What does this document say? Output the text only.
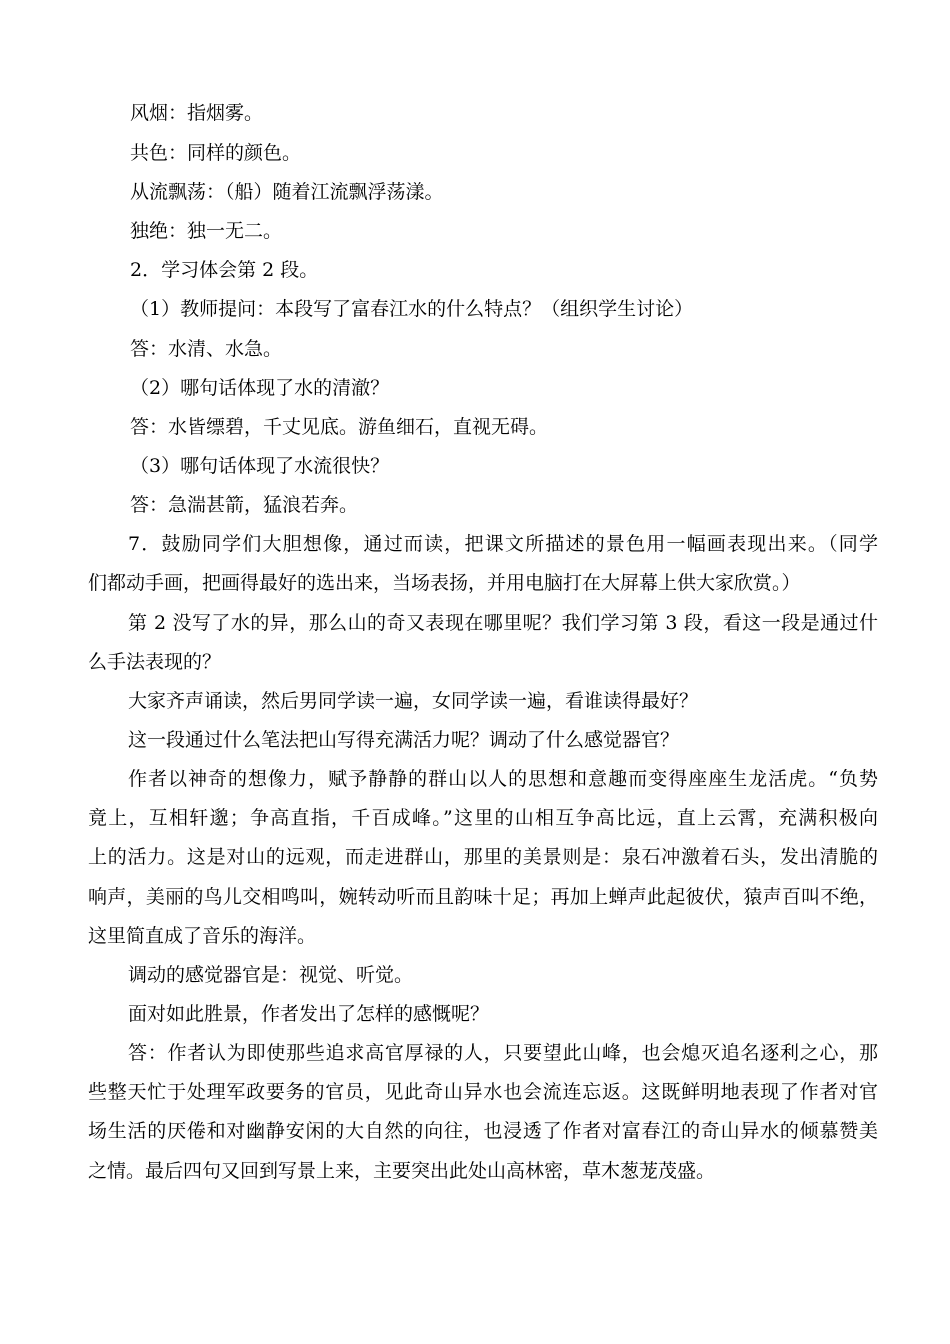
风烟：指烟雾。
共色：同样的颜色。
从流飘荡：（船）随着江流飘浮荡漾。
独绝：独一无二。
2．学习体会第 2 段。
（1）教师提问：本段写了富春江水的什么特点？（组织学生讨论）
答：水清、水急。
（2）哪句话体现了水的清澈？
答：水皆缥碧，千丈见底。游鱼细石，直视无碍。
（3）哪句话体现了水流很快？
答：急湍甚箭，猛浪若奔。
7．鼓励同学们大胆想像，通过而读，把课文所描述的景色用一幅画表现出来。（同学
们都动手画，把画得最好的选出来，当场表扬，并用电脑打在大屏幕上供大家欣赏。）
第 2 没写了水的异，那么山的奇又表现在哪里呢？我们学习第 3 段，看这一段是通过什
么手法表现的？
大家齐声诵读，然后男同学读一遍，女同学读一遍，看谁读得最好？
这一段通过什么笔法把山写得充满活力呢？调动了什么感觉器官？
作者以神奇的想像力，赋予静静的群山以人的思想和意趣而变得座座生龙活虎。“负势
竟上，互相轩邈；争高直指，千百成峰。”这里的山相互争高比远，直上云霄，充满积极向
上的活力。这是对山的远观，而走进群山，那里的美景则是：泉石冲激着石头，发出清脆的
响声，美丽的鸟儿交相鸣叫，婉转动听而且韵味十足；再加上蝉声此起彼伏，猿声百叫不绝，
这里简直成了音乐的海洋。
调动的感觉器官是：视觉、听觉。
面对如此胜景，作者发出了怎样的感慨呢？
答：作者认为即使那些追求高官厚禄的人，只要望此山峰，也会熄灭追名逐利之心，那
些整天忙于处理军政要务的官员，见此奇山异水也会流连忘返。这既鲜明地表现了作者对官
场生活的厌倦和对幽静安闲的大自然的向往，也浸透了作者对富春江的奇山异水的倾慕赞美
之情。最后四句又回到写景上来，主要突出此处山高林密，草木葱茏茂盛。
